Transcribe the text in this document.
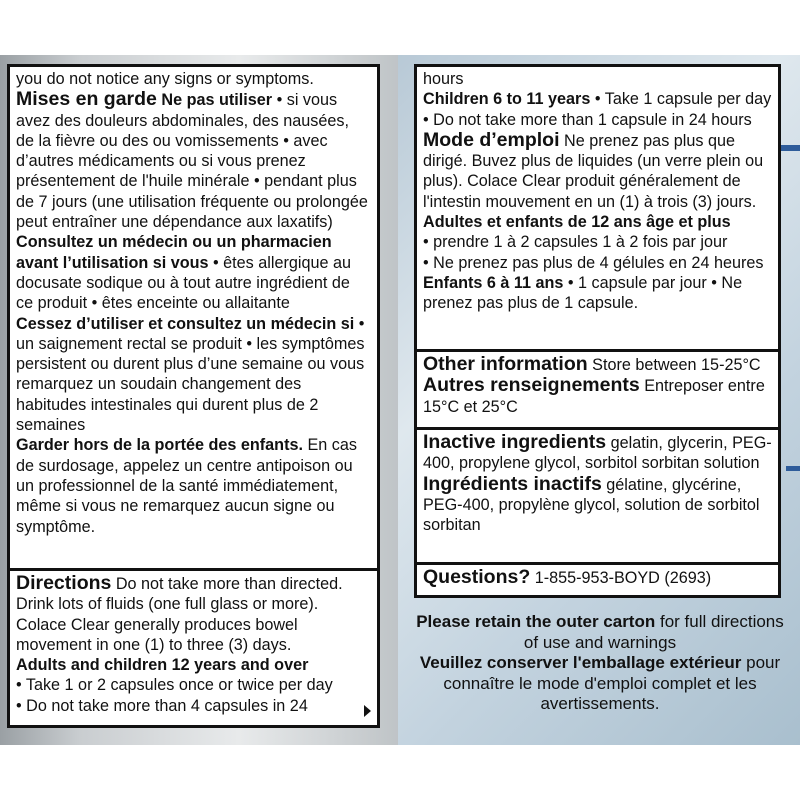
you do not notice any signs or symptoms.

Mises en garde Ne pas utiliser • si vous avez des douleurs abdominales, des nausées, de la fièvre ou des ou vomissements • avec d’autres médicaments ou si vous prenez présentement de l'huile minérale • pendant plus de 7 jours (une utilisation fréquente ou prolongée peut entraîner une dépendance aux laxatifs)

Consultez un médecin ou un pharmacien avant l’utilisation si vous • êtes allergique au docusate sodique ou à tout autre ingrédient de ce produit • êtes enceinte ou allaitante

Cessez d’utiliser et consultez un médecin si • un saignement rectal se produit • les symptômes persistent ou durent plus d’une semaine ou vous remarquez un soudain changement des habitudes intestinales qui durent plus de 2 semaines

Garder hors de la portée des enfants. En cas de surdosage, appelez un centre antipoison ou un professionnel de la santé immédiatement, même si vous ne remarquez aucun signe ou symptôme.

Directions Do not take more than directed. Drink lots of fluids (one full glass or more). Colace Clear generally produces bowel movement in one (1) to three (3) days.

Adults and children 12 years and over

• Take 1 or 2 capsules once or twice per day

• Do not take more than 4 capsules in 24

hours

Children 6 to 11 years • Take 1 capsule per day • Do not take more than 1 capsule in 24 hours

Mode d’emploi Ne prenez pas plus que dirigé. Buvez plus de liquides (un verre plein ou plus). Colace Clear produit généralement de l'intestin mouvement en un (1) à trois (3) jours.

Adultes et enfants de 12 ans âge et plus

• prendre 1 à 2 capsules 1 à 2 fois par jour

• Ne prenez pas plus de 4 gélules en 24 heures

Enfants 6 à 11 ans • 1 capsule par jour • Ne prenez pas plus de 1 capsule.

Other information Store between 15-25°C

Autres renseignements Entreposer entre 15°C et 25°C

Inactive ingredients gelatin, glycerin, PEG-400, propylene glycol, sorbitol sorbitan solution

Ingrédients inactifs gélatine, glycérine, PEG-400, propylène glycol, solution de sorbitol sorbitan

Questions? 1-855-953-BOYD (2693)

Please retain the outer carton for full directions of use and warnings

Veuillez conserver l'emballage extérieur pour connaître le mode d'emploi complet et les avertissements.
